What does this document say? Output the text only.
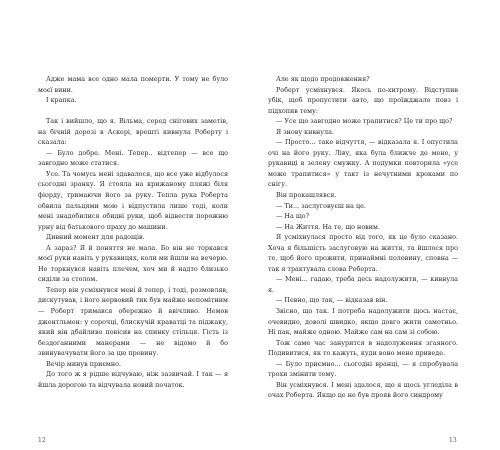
Адже мама все одно мала померти. У тому не було моєї вини.

І крапка.

Так і вийшло, що я. Вільма, серед снігових заметів, на бічній дорозі в Аскері, врешті кивнула Роберту і сказала:

— Було добре. Мені. Тепер.. відтепер — все що завгодно може статися.

Усе. Та чомусь мені здавалося, що все уже відбулося сьогодні зранку. Я стояла на крижаному пляжі біля фіорду, тримаючи його за руку. Тепла рука Роберта обвила пальцями мою і відпустила лише тоді, коли мені знадобилися обидві руки, щоб відвести порожню урну від батькового праху до машини.

Дивний момент для радощів.

А зараз? Я й поняття не мала. Бо він не торкався моєї руки навіть у рукавицях, коли ми йшли на вечерю. Не торкнувся навіть плечем, хоч ми й надто близько сиділи за столом.

Тепер він усміхнувся мені й тепер, і тоді, розмовляв, дискутував, і його нервовий тик був майже непомітним — Роберт тримався обережно й ввічливо. Немов джентльмен: у сорочці, блискучій краватці та піджаку, який він дбайливо повісив на спинку стільця. Гість із бездоганними манерами — не відомо й бо звинувачувати його за цю провину.

Вечір минув приємно.

До того ж я рідше відчуваю, ніж зазвичай. І так — я йшла дорогою та відчувала новий початок.

12

Але як щодо продовження?

Роберт усміхнувся. Якось по-хитрому. Відступив убік, щоб пропустити авто, що проїжджало повз і підхопив тему:

— Усе що завгодно може трапитися? Це ти про що?

Я знову кивнула.

— Просто... таке відчуття, — відказала я. І опустила очі на його руку. Ліву, яка була ближче до мене, у рукавиці в зелену смужку. А подумки повторила «усе може трапитися» у такт із нечутними кроками по снігу.

Він прокашлявся.

— Ти... заслуговуєш на це.

— На що?

— На Життя. На те, що новим.

Я усміхнулася просто від того, як це було сказано. Хоча я більшість заслуговую на життя, та йшлося про те, щоб його прожити, принаймні половину, сповна — так я трактувала слова Роберта.

— Мені... гадаю, треба десь надолужити, — кивнула я.

— Певно, що так, — відказав він.

Звісно, що так. І потреба надолужити щось настає, очевидно, доволі швидко, якщо довго жити самотньо. Ні пак, майже одною. Майже сам на сам зі собою.

Тож саме час занурится в надолуження згаяного. Подивитися, як то кажуть, куди воно мене приведе.

— Було приємно... сьогодні вранці, — я спробувала трохи змінити тему.

Він усміхнувся. І мені здалося, що я щось угледіла в очах Роберта. Якщо це не був прояв його синдрому

13
